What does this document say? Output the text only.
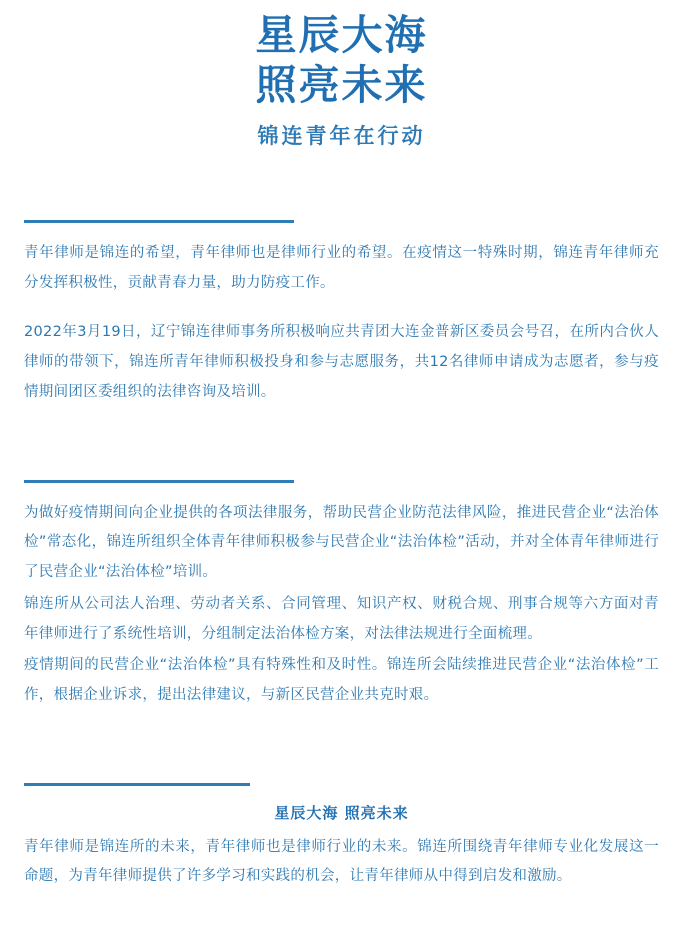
星辰大海
照亮未来
锦连青年在行动

青年律师是锦连的希望，青年律师也是律师行业的希望。在疫情这一特殊时期，锦连青年律师充分发挥积极性，贡献青春力量，助力防疫工作。

2022年3月19日，辽宁锦连律师事务所积极响应共青团大连金普新区委员会号召，在所内合伙人律师的带领下，锦连所青年律师积极投身和参与志愿服务，共12名律师申请成为志愿者，参与疫情期间团区委组织的法律咨询及培训。

为做好疫情期间向企业提供的各项法律服务，帮助民营企业防范法律风险，推进民营企业“法治体检”常态化，锦连所组织全体青年律师积极参与民营企业“法治体检”活动，并对全体青年律师进行了民营企业“法治体检”培训。

锦连所从公司法人治理、劳动者关系、合同管理、知识产权、财税合规、刑事合规等六方面对青年律师进行了系统性培训，分组制定法治体检方案，对法律法规进行全面梳理。

疫情期间的民营企业“法治体检”具有特殊性和及时性。锦连所会陆续推进民营企业“法治体检”工作，根据企业诉求，提出法律建议，与新区民营企业共克时艰。

星辰大海 照亮未来

青年律师是锦连所的未来，青年律师也是律师行业的未来。锦连所围绕青年律师专业化发展这一命题，为青年律师提供了许多学习和实践的机会，让青年律师从中得到启发和激励。
